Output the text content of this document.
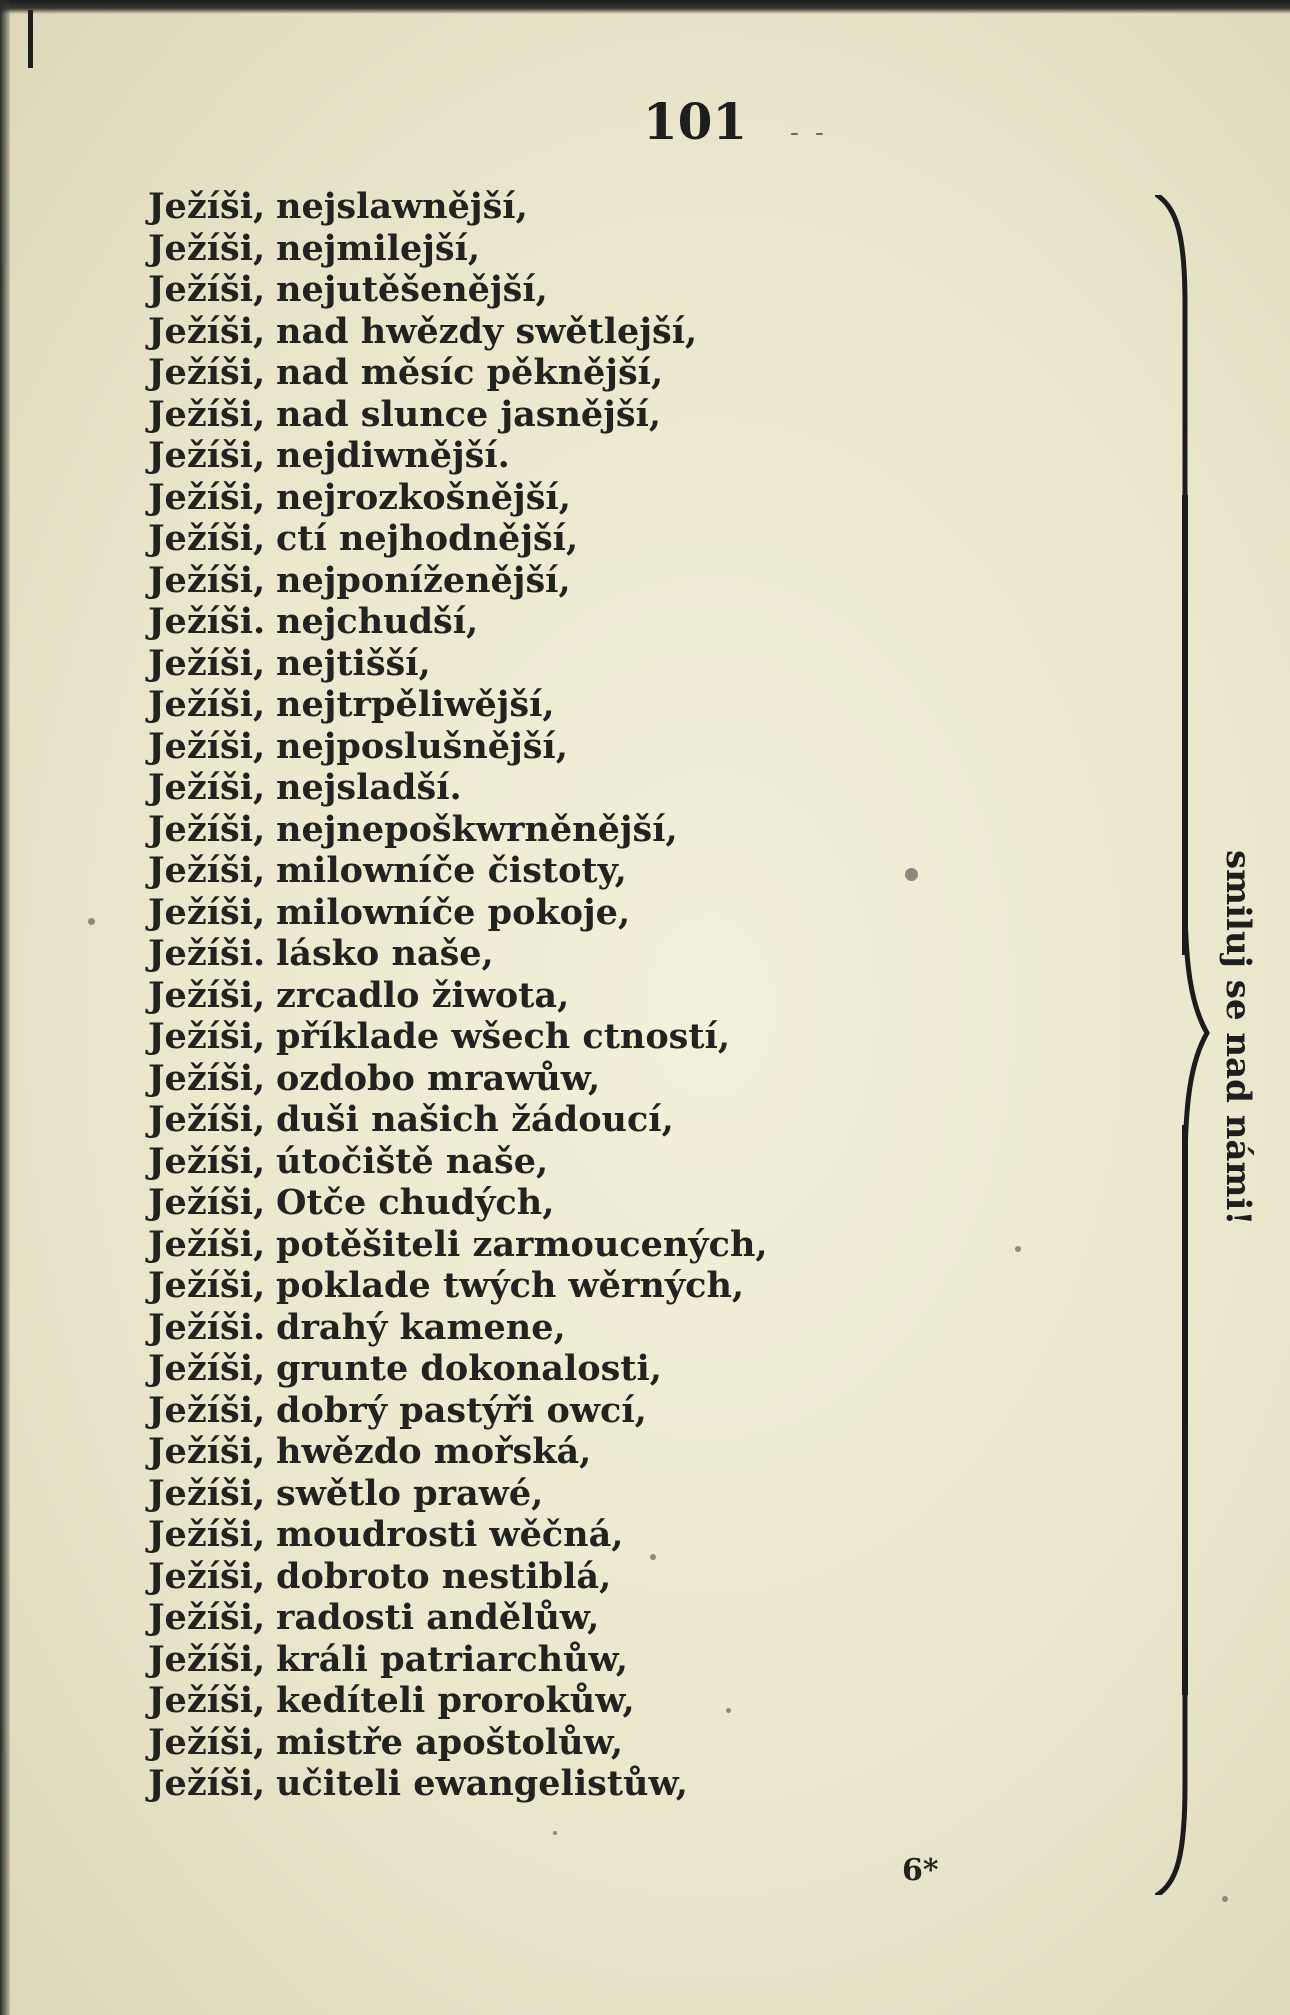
101	- -
Ježíši, nejslawnější,
Ježíši, nejmilejší,
Ježíši, nejutěšenější,
Ježíši, nad hwězdy swětlejší,
Ježíši, nad měsíc pěknější,
Ježíši, nad slunce jasnější,
Ježíši, nejdiwnější.
Ježíši, nejrozkošnější,
Ježíši, ctí nejhodnější,
Ježíši, nejponíženější,
Ježíši. nejchudší,
Ježíši, nejtišší,
Ježíši, nejtrpěliwější,
Ježíši, nejposlušnější,
Ježíši, nejsladší.
Ježíši, nejnepoškwrněnější,
Ježíši, milowníče čistoty,
Ježíši, milowníče pokoje,
Ježíši. lásko naše,
Ježíši, zrcadlo žiwota,
Ježíši, příklade wšech ctností,
Ježíši, ozdobo mrawůw,
Ježíši, duši našich žádoucí,
Ježíši, útočiště naše,
Ježíši, Otče chudých,
Ježíši, potěšiteli zarmoucených,
Ježíši, poklade twých wěrných,
Ježíši. drahý kamene,
Ježíši, grunte dokonalosti,
Ježíši, dobrý pastýři owcí,
Ježíši, hwězdo mořská,
Ježíši, swětlo prawé,
Ježíši, moudrosti wěčná,
Ježíši, dobroto nestiblá,
Ježíši, radosti andělůw,
Ježíši, králi patriarchůw,
Ježíši, kedíteli prorokůw,
Ježíši, mistře apoštolůw,
Ježíši, učiteli ewangelistůw,
smiluj se nad námi!
6*
